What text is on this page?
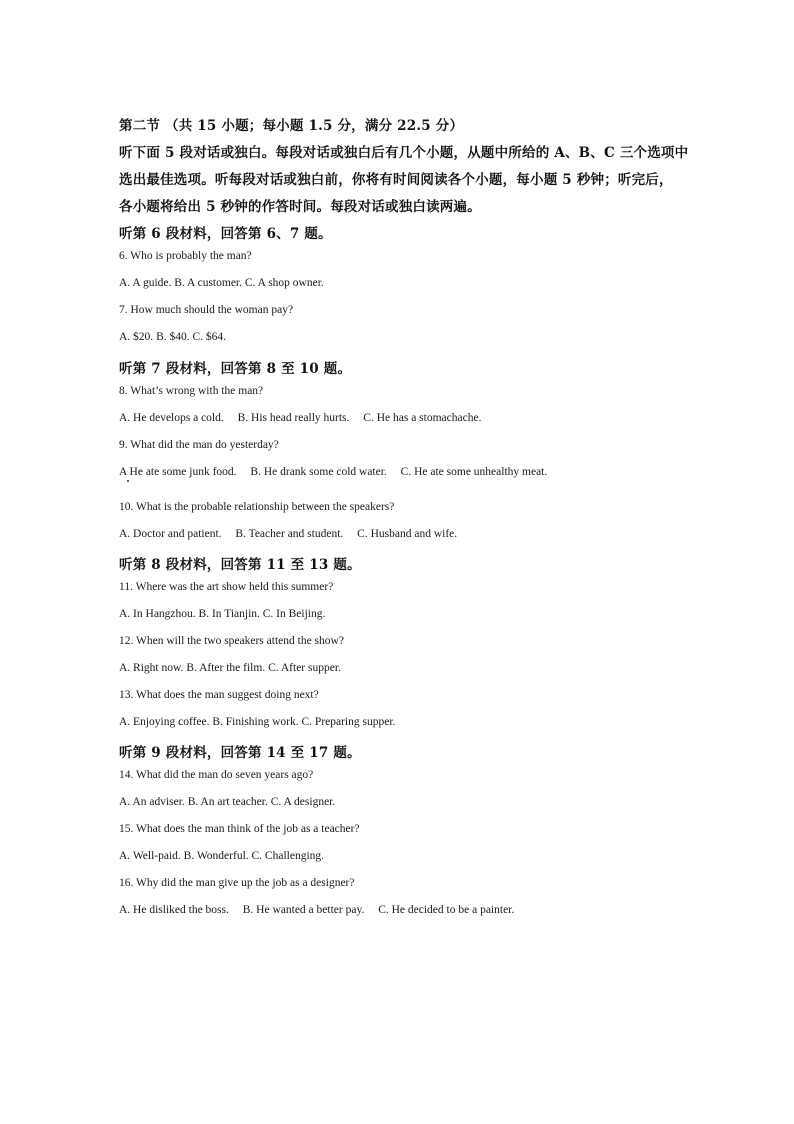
第二节 （共 15 小题；每小题 1.5 分，满分 22.5 分）
听下面 5 段对话或独白。每段对话或独白后有几个小题，从题中所给的 A、B、C 三个选项中
选出最佳选项。听每段对话或独白前，你将有时间阅读各个小题，每小题 5 秒钟；听完后，
各小题将给出 5 秒钟的作答时间。每段对话或独白读两遍。
听第 6 段材料，回答第 6、7 题。
6. Who is probably the man?
A. A guide. B. A customer. C. A shop owner.
7. How much should the woman pay?
A. $20. B. $40. C. $64.
听第 7 段材料，回答第 8 至 10 题。
8. What’s wrong with the man?
A. He develops a cold. B. His head really hurts. C. He has a stomachache.
9. What did the man do yesterday?
A He ate some junk food. B. He drank some cold water. C. He ate some unhealthy meat.
10. What is the probable relationship between the speakers?
A. Doctor and patient. B. Teacher and student. C. Husband and wife.
听第 8 段材料，回答第 11 至 13 题。
11. Where was the art show held this summer?
A. In Hangzhou. B. In Tianjin. C. In Beijing.
12. When will the two speakers attend the show?
A. Right now. B. After the film. C. After supper.
13. What does the man suggest doing next?
A. Enjoying coffee. B. Finishing work. C. Preparing supper.
听第 9 段材料，回答第 14 至 17 题。
14. What did the man do seven years ago?
A. An adviser. B. An art teacher. C. A designer.
15. What does the man think of the job as a teacher?
A. Well-paid. B. Wonderful. C. Challenging.
16. Why did the man give up the job as a designer?
A. He disliked the boss. B. He wanted a better pay. C. He decided to be a painter.
